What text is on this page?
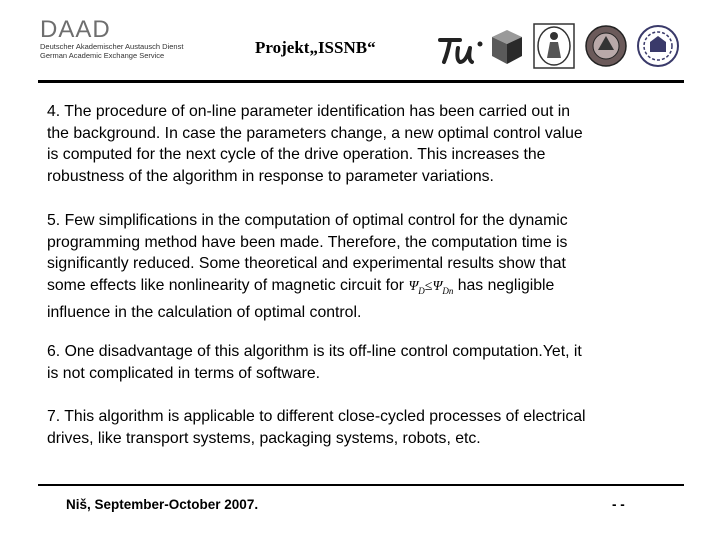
DAAD
Deutscher Akademischer Austausch Dienst
German Academic Exchange Service	Projekt„ISSNB“
4. The procedure of on-line parameter identification has been carried out in
the background. In case the parameters change, a new optimal control value
is computed for the next cycle of the drive operation. This increases the
robustness of the algorithm in response to parameter variations.
5. Few simplifications in the computation of optimal control for the dynamic
programming method have been made. Therefore, the computation time is
significantly reduced. Some theoretical and experimental results show that
some effects like nonlinearity of magnetic circuit for $\Psi_D\le\Psi_{Dn}$ has negligible
influence in the calculation of optimal control.
6. One disadvantage of this algorithm is its off-line control computation.Yet, it
is not complicated in terms of software.
7. This algorithm is applicable to different close-cycled processes of electrical
drives, like transport systems, packaging systems, robots, etc.
Niš, September-October 2007.	- -
